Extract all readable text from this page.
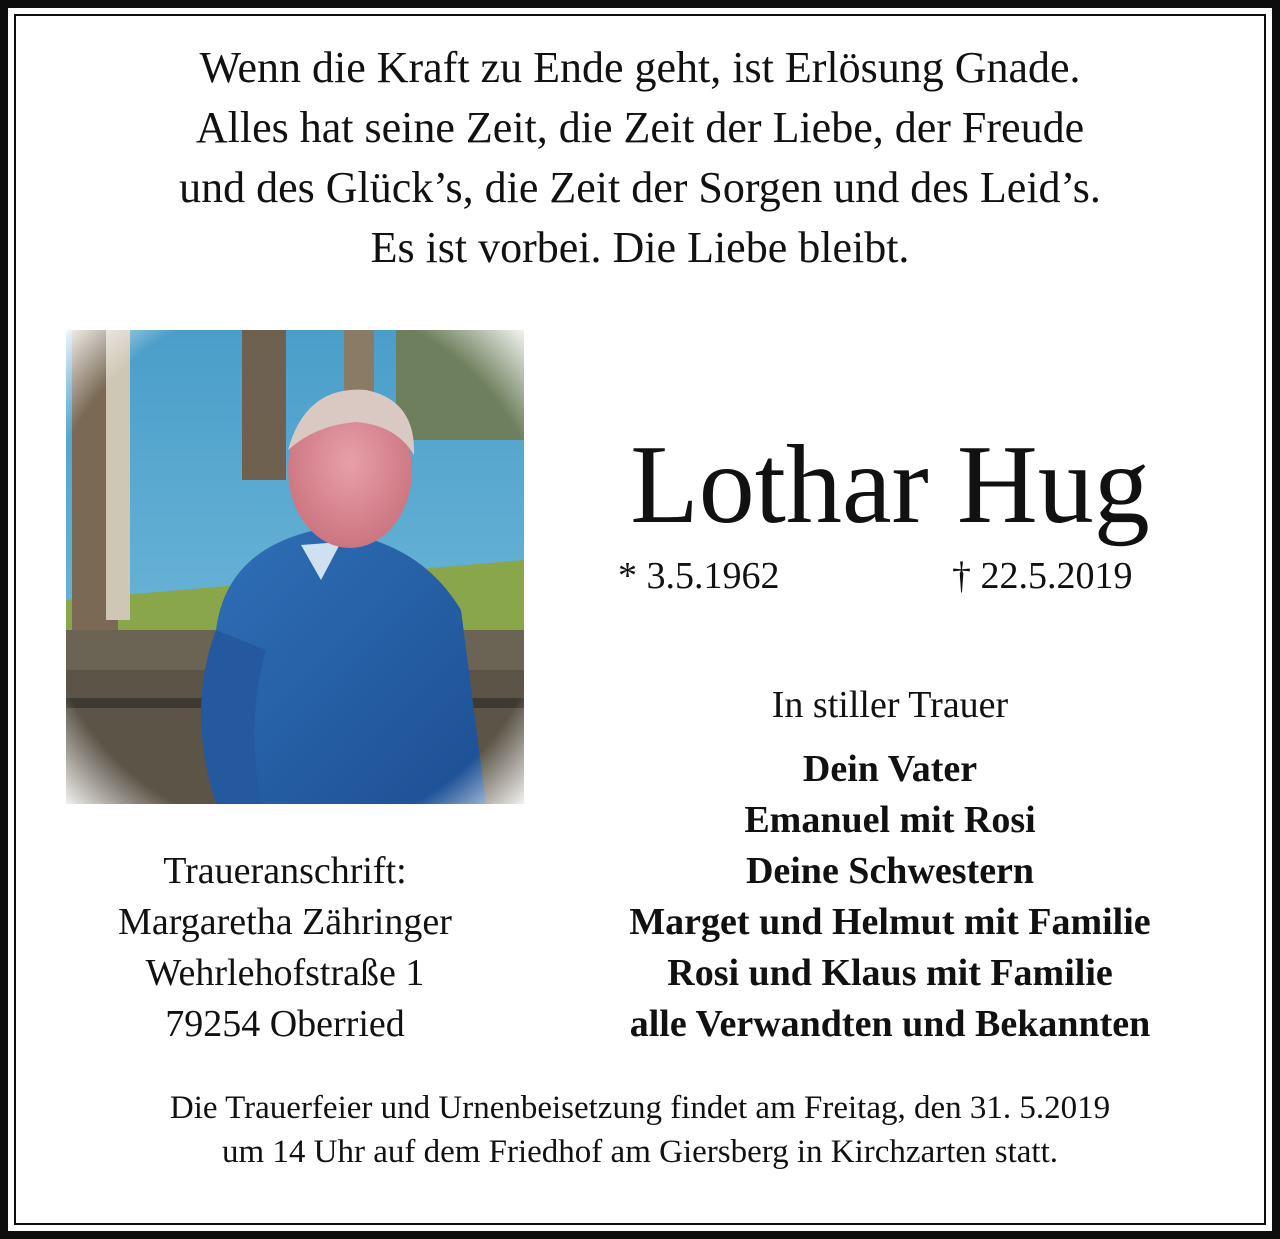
Wenn die Kraft zu Ende geht, ist Erlösung Gnade.
Alles hat seine Zeit, die Zeit der Liebe, der Freude
und des Glück’s, die Zeit der Sorgen und des Leid’s.
Es ist vorbei. Die Liebe bleibt.
Lothar Hug
* 3.5.1962	† 22.5.2019
In stiller Trauer
Dein Vater
Emanuel mit Rosi
Deine Schwestern
Marget und Helmut mit Familie
Rosi und Klaus mit Familie
alle Verwandten und Bekannten
Traueranschrift:
Margaretha Zähringer
Wehrlehofstraße 1
79254 Oberried
Die Trauerfeier und Urnenbeisetzung findet am Freitag, den 31. 5.2019
um 14 Uhr auf dem Friedhof am Giersberg in Kirchzarten statt.
